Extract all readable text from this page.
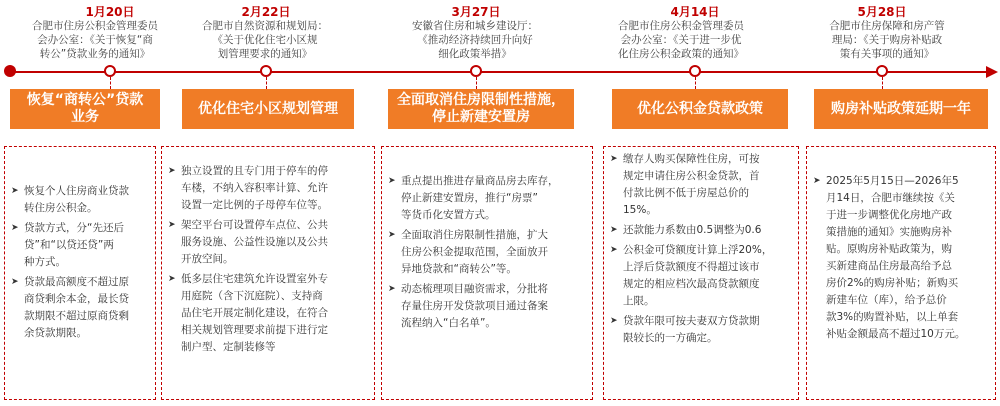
1月20日
合肥市住房公积金管理委员
会办公室：《关于恢复“商
转公”贷款业务的通知》
恢复“商转公”贷款
业务
➤ 恢复个人住房商业贷款
转住房公积金。
➤ 贷款方式，分“先还后
贷”和“以贷还贷”两
种方式。
➤ 贷款最高额度不超过原
商贷剩余本金，最长贷
款期限不超过原商贷剩
余贷款期限。
2月22日
合肥市自然资源和规划局：
《关于优化住宅小区规
划管理要求的通知》
优化住宅小区规划管理
➤ 独立设置的且专门用于停车的停
车楼，不纳入容积率计算、允许
设置一定比例的子母停车位等。
➤ 架空平台可设置停车点位、公共
服务设施、公益性设施以及公共
开放空间。
➤ 低多层住宅建筑允许设置室外专
用庭院（含下沉庭院）、支持商
品住宅开展定制化建设，在符合
相关规划管理要求前提下进行定
制户型、定制装修等
3月27日
安徽省住房和城乡建设厅：
《推动经济持续回升向好
细化政策举措》
全面取消住房限制性措施，
停止新建安置房
➤ 重点提出推进存量商品房去库存，
停止新建安置房，推行“房票”
等货币化安置方式。
➤ 全面取消住房限制性措施，扩大
住房公积金提取范围，全面放开
异地贷款和“商转公”等。
➤ 动态梳理项目融资需求，分批将
存量住房开发贷款项目通过备案
流程纳入“白名单”。
4月14日
合肥市住房公积金管理委员
会办公室：《关于进一步优
化住房公积金政策的通知》
优化公积金贷款政策
➤ 缴存人购买保障性住房，可按
规定申请住房公积金贷款，首
付款比例不低于房屋总价的
15%。
➤ 还款能力系数由0.5调整为0.6
➤ 公积金可贷额度计算上浮20%，
上浮后贷款额度不得超过该市
规定的相应档次最高贷款额度
上限。
➤ 贷款年限可按夫妻双方贷款期
限较长的一方确定。
5月28日
合肥市住房保障和房产管
理局：《关于购房补贴政
策有关事项的通知》
购房补贴政策延期一年
➤ 2025年5月15日—2026年5
月14日，合肥市继续按《关
于进一步调整优化房地产政
策措施的通知》实施购房补
贴。原购房补贴政策为，购
买新建商品住房最高给予总
房价2%的购房补贴；新购买
新建车位（库），给予总价
款3%的购置补贴，以上单套
补贴金额最高不超过10万元。
